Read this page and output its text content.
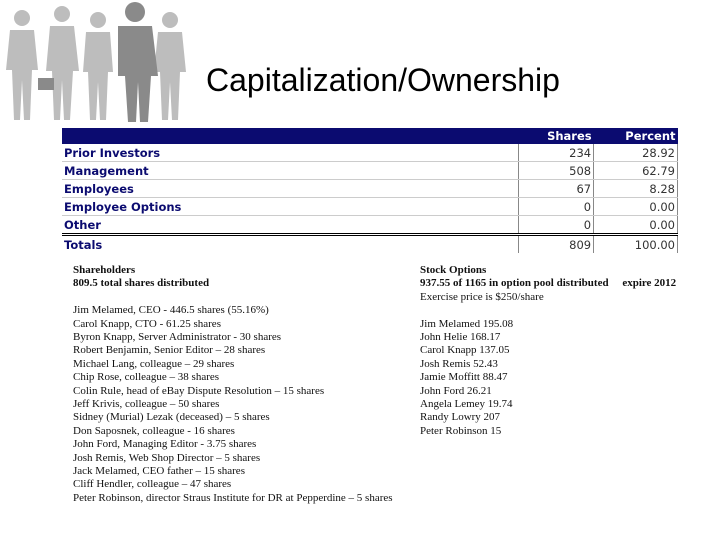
Capitalization/Ownership
	Shares	Percent
Prior Investors	234	28.92
Management	508	62.79
Employees	67	8.28
Employee Options	0	0.00
Other	0	0.00
Totals	809	100.00
Shareholders
809.5 total shares distributed
Jim Melamed, CEO - 446.5 shares (55.16%)
Carol Knapp, CTO - 61.25 shares
Byron Knapp, Server Administrator - 30 shares
Robert Benjamin, Senior Editor – 28 shares
Michael Lang, colleague – 29 shares
Chip Rose, colleague – 38 shares
Colin Rule, head of eBay Dispute Resolution – 15 shares
Jeff Krivis, colleague – 50 shares
Sidney (Murial) Lezak (deceased) – 5 shares
Don Saposnek, colleague - 16 shares
John Ford, Managing Editor - 3.75 shares
Josh Remis, Web Shop Director – 5 shares
Jack Melamed, CEO father – 15 shares
Cliff Hendler, colleague – 47 shares
Peter Robinson, director Straus Institute for DR at Pepperdine – 5 shares
Stock Options
937.55 of 1165 in option pool distributed     expire 2012
Exercise price is $250/share
Jim Melamed 195.08
John Helie 168.17
Carol Knapp 137.05
Josh Remis 52.43
Jamie Moffitt 88.47
John Ford 26.21
Angela Lemey 19.74
Randy Lowry 207
Peter Robinson 15
